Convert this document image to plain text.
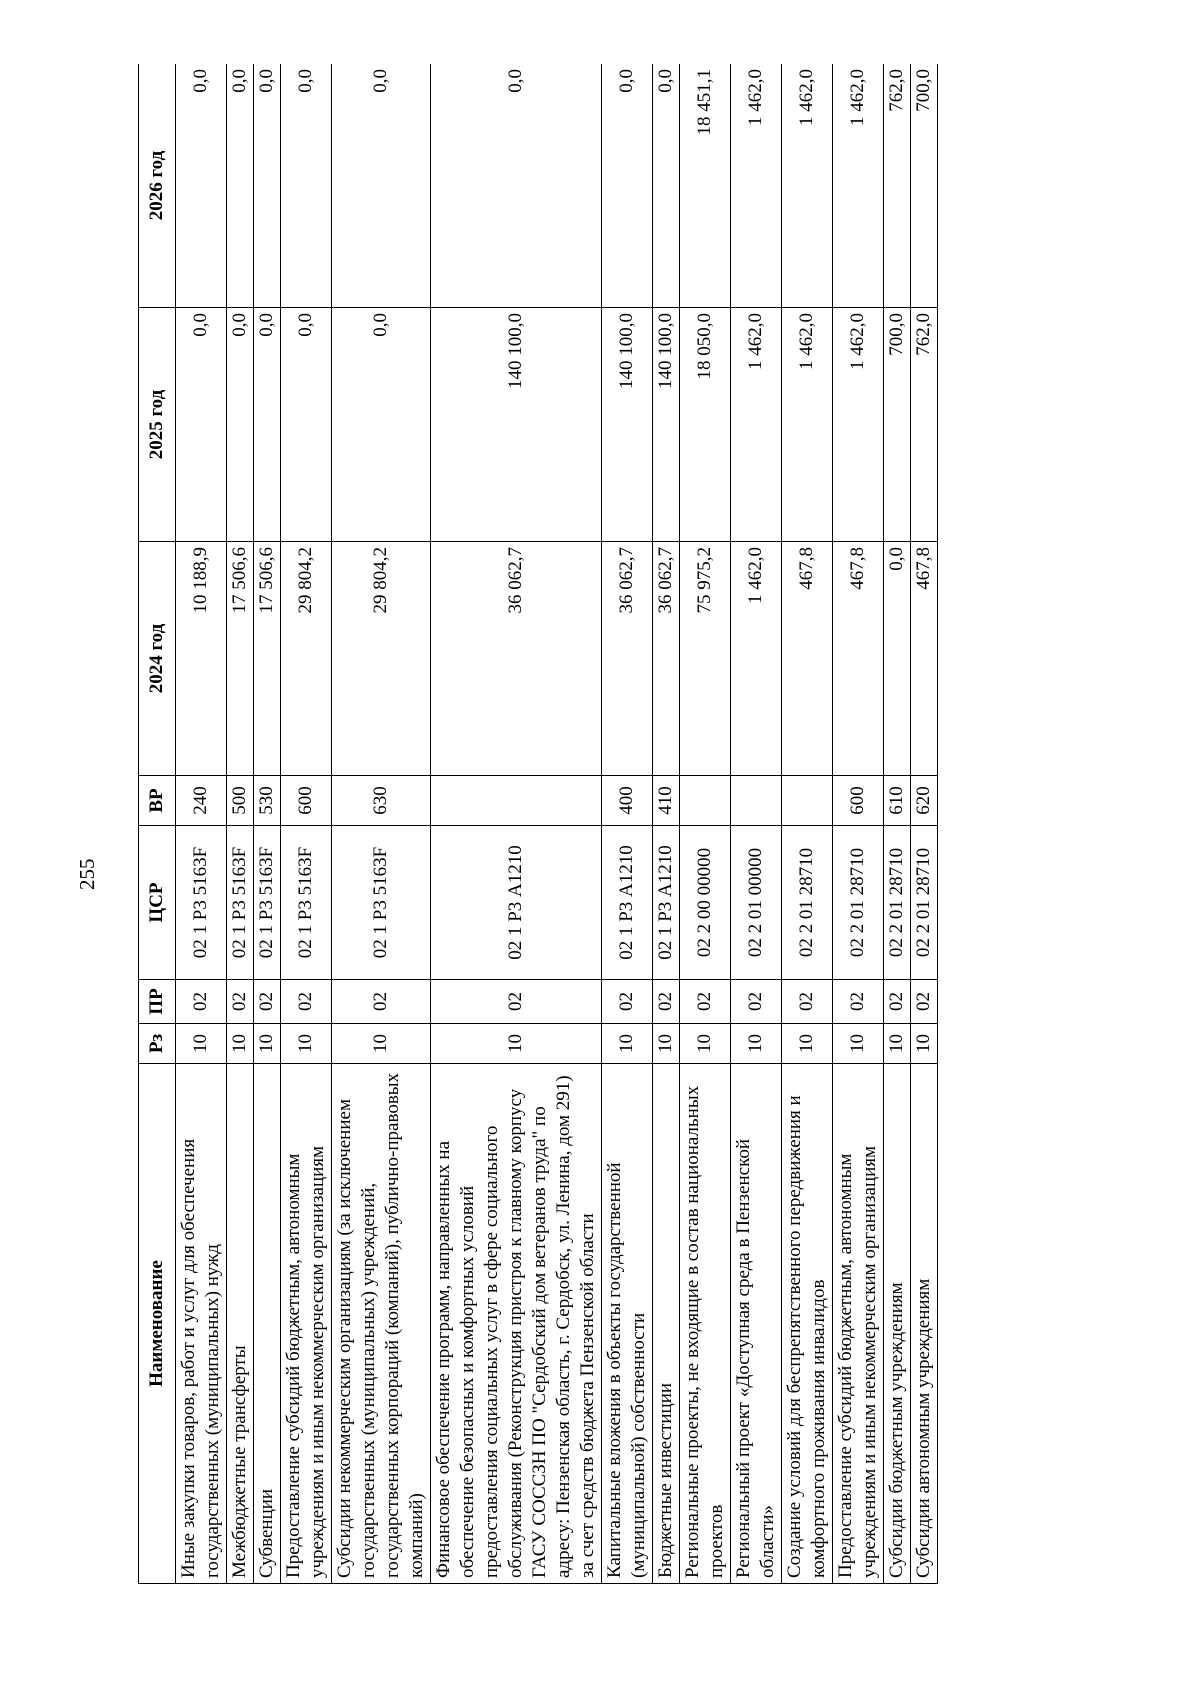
255
Наименование	Рз	ПР	ЦСР	ВР	2024 год	2025 год	2026 год
Иные закупки товаров, работ и услуг для обеспечения государственных (муниципальных) нужд	10	02	02 1 Р3 5163F	240	10 188,9	0,0	0,0
Межбюджетные трансферты	10	02	02 1 Р3 5163F	500	17 506,6	0,0	0,0
Субвенции	10	02	02 1 Р3 5163F	530	17 506,6	0,0	0,0
Предоставление субсидий бюджетным, автономным учреждениям и иным некоммерческим организациям	10	02	02 1 Р3 5163F	600	29 804,2	0,0	0,0
Субсидии некоммерческим организациям (за исключением государственных (муниципальных) учреждений, государственных корпораций (компаний), публично-правовых компаний)	10	02	02 1 Р3 5163F	630	29 804,2	0,0	0,0
Финансовое обеспечение программ, направленных на обеспечение безопасных и комфортных условий предоставления социальных услуг в сфере социального обслуживания (Реконструкция пристроя к главному корпусу ГАСУ СОССЗН ПО "Сердобский дом ветеранов труда" по адресу: Пензенская область, г. Сердобск, ул. Ленина, дом 291) за счет средств бюджета Пензенской области	10	02	02 1 Р3 А1210		36 062,7	140 100,0	0,0
Капитальные вложения в объекты государственной (муниципальной) собственности	10	02	02 1 Р3 А1210	400	36 062,7	140 100,0	0,0
Бюджетные инвестиции	10	02	02 1 Р3 А1210	410	36 062,7	140 100,0	0,0
Региональные проекты, не входящие в состав национальных проектов	10	02	02 2 00 00000		75 975,2	18 050,0	18 451,1
Региональный проект «Доступная среда в Пензенской области»	10	02	02 2 01 00000		1 462,0	1 462,0	1 462,0
Создание условий для беспрепятственного передвижения и комфортного проживания инвалидов	10	02	02 2 01 28710		467,8	1 462,0	1 462,0
Предоставление субсидий бюджетным, автономным учреждениям и иным некоммерческим организациям	10	02	02 2 01 28710	600	467,8	1 462,0	1 462,0
Субсидии бюджетным учреждениям	10	02	02 2 01 28710	610	0,0	700,0	762,0
Субсидии автономным учреждениям	10	02	02 2 01 28710	620	467,8	762,0	700,0
